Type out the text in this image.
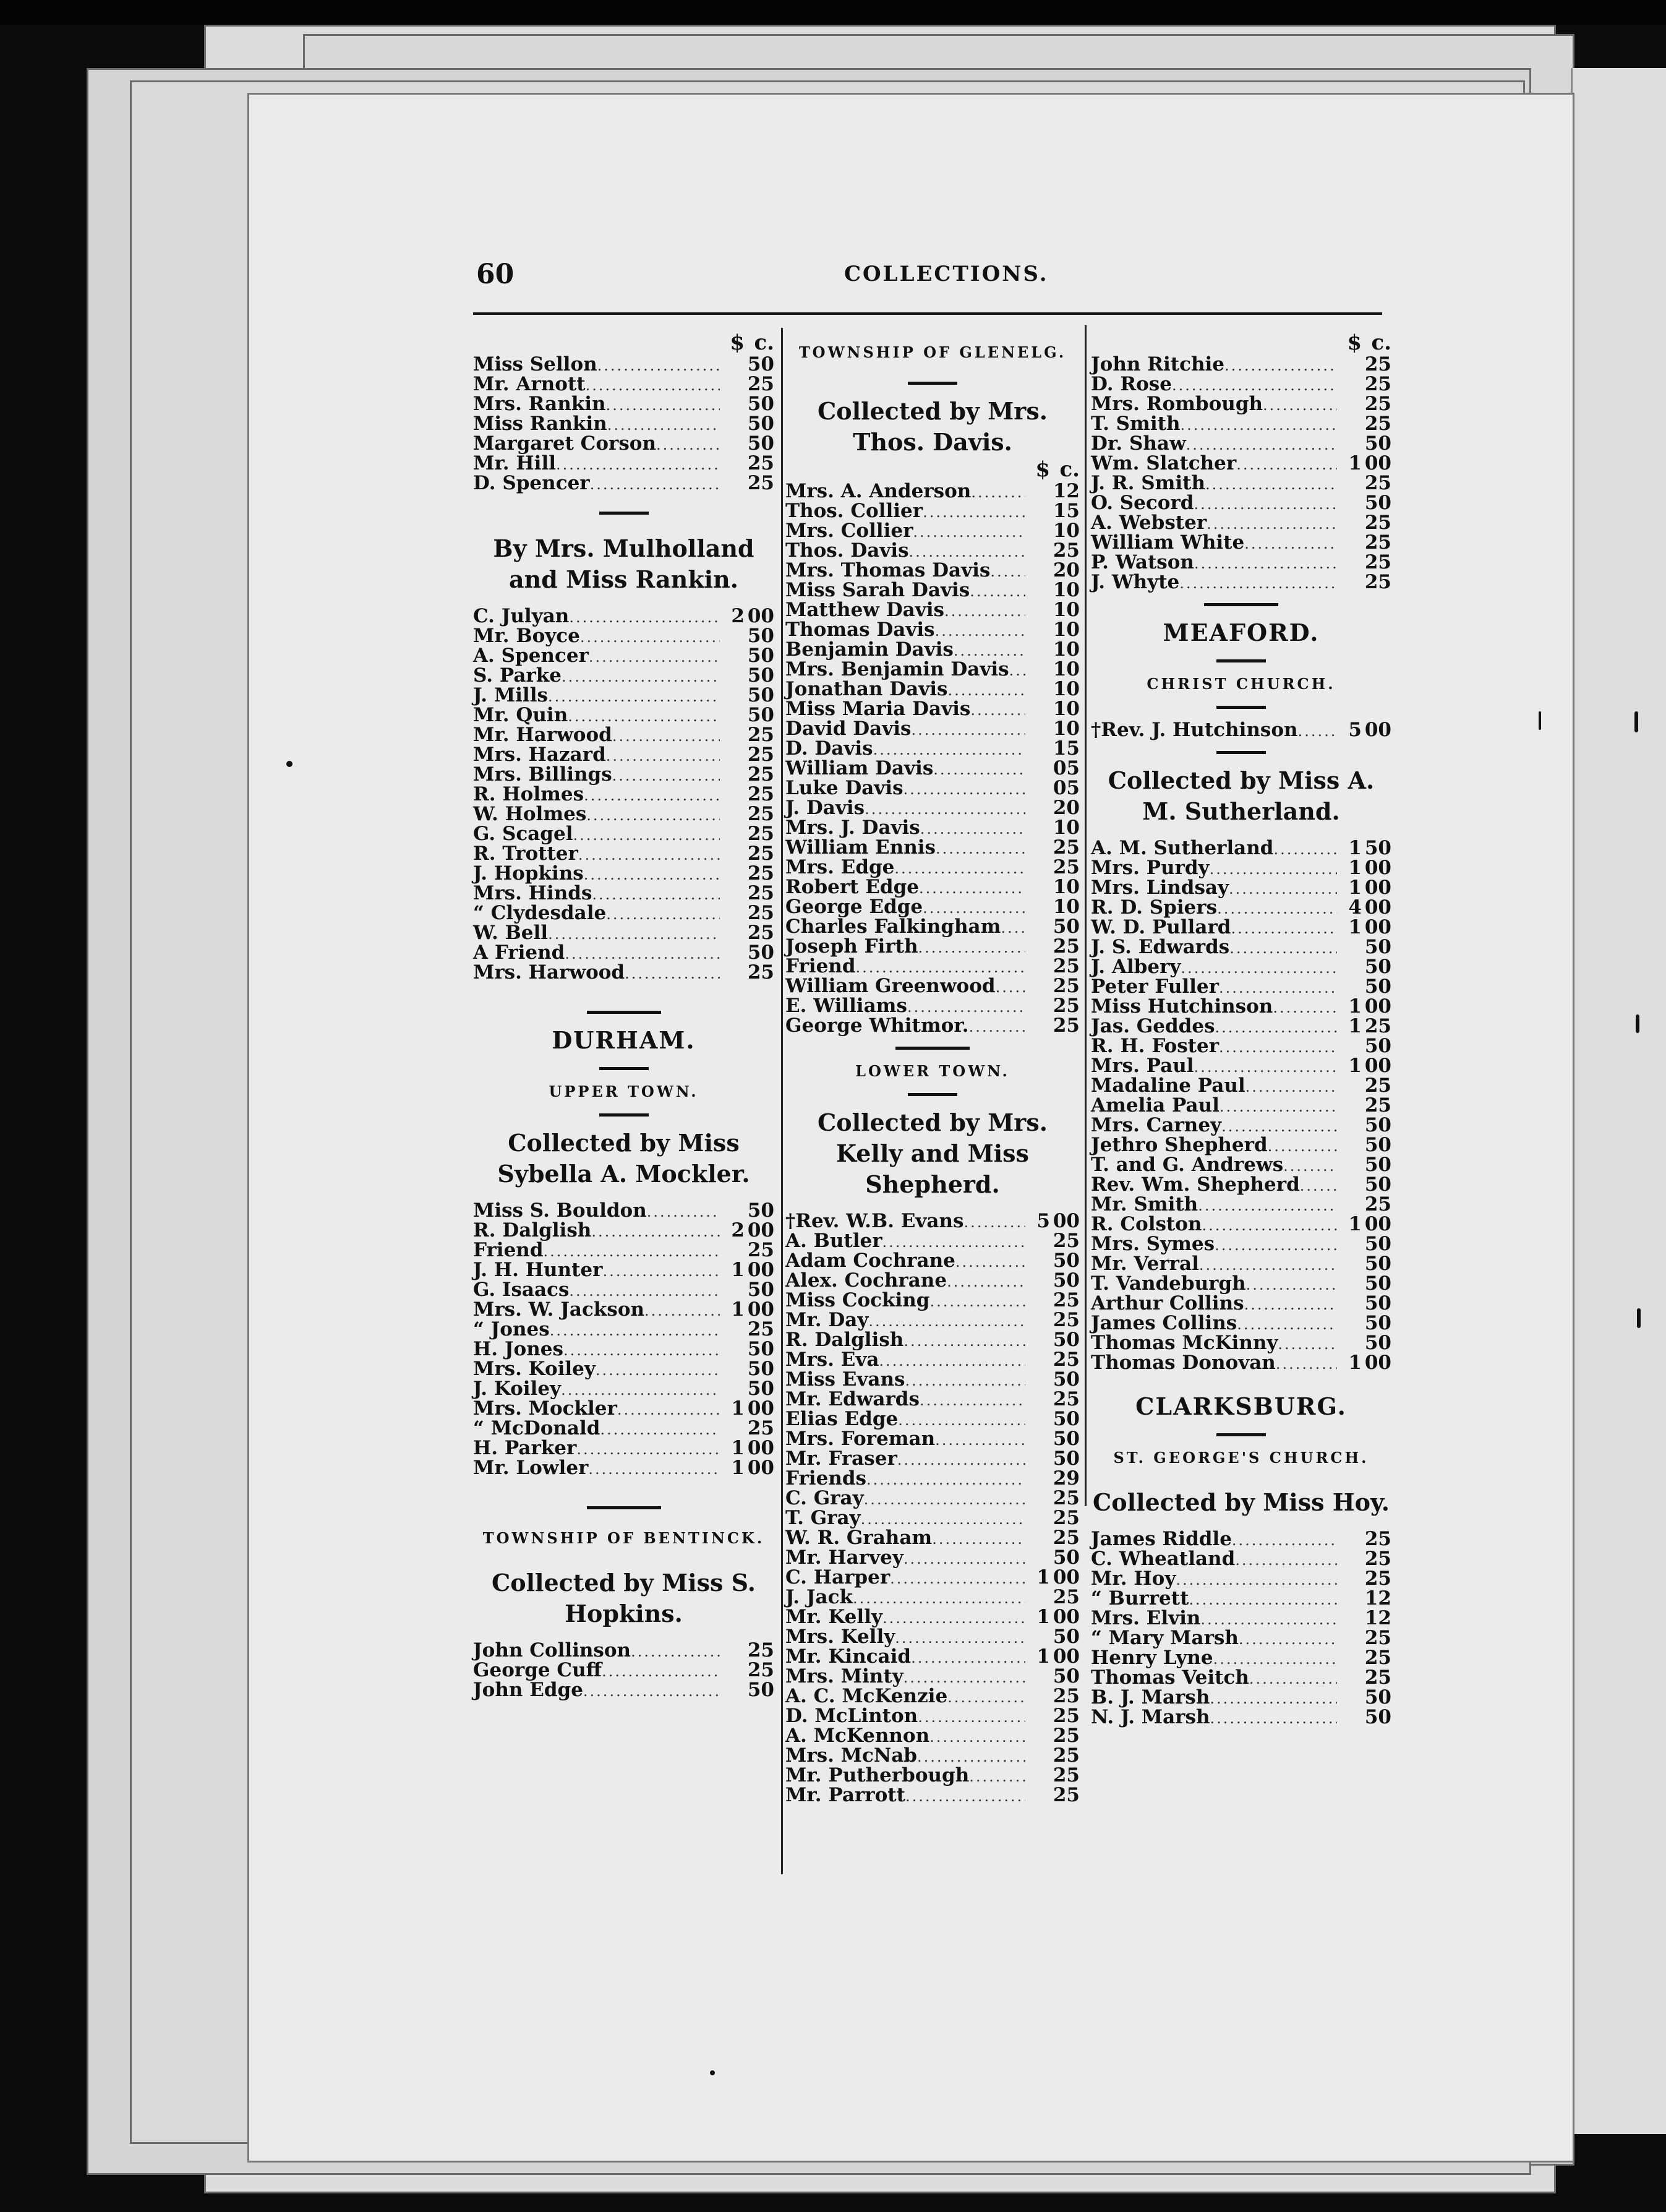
60	COLLECTIONS.
$ c.
Miss Sellon .....	50
Mr. Arnott .....	25
Mrs. Rankin .....	50
Miss Rankin .....	50
Margaret Corson .....	50
Mr. Hill .....	25
D. Spencer .....	25
By Mrs. Mulholland and Miss Rankin.
C. Julyan .....	2 00
Mr. Boyce .....	50
A. Spencer .....	50
S. Parke .....	50
J. Mills .....	50
Mr. Quin .....	50
Mr. Harwood .....	25
Mrs. Hazard .....	25
Mrs. Billings .....	25
R. Holmes .....	25
W. Holmes .....	25
G. Scagel .....	25
R. Trotter .....	25
J. Hopkins .....	25
Mrs. Hinds .....	25
“ Clydesdale .....	25
W. Bell .....	25
A Friend .....	50
Mrs. Harwood .....	25
DURHAM.
UPPER TOWN.
Collected by Miss Sybella A. Mockler.
Miss S. Bouldon .....	50
R. Dalglish .....	2 00
Friend .....	25
J. H. Hunter .....	1 00
G. Isaacs .....	50
Mrs. W. Jackson .....	1 00
“ Jones .....	25
H. Jones .....	50
Mrs. Koiley .....	50
J. Koiley .....	50
Mrs. Mockler .....	1 00
“ McDonald .....	25
H. Parker .....	1 00
Mr. Lowler .....	1 00
TOWNSHIP OF BENTINCK.
Collected by Miss S. Hopkins.
John Collinson .....	25
George Cuff .....	25
John Edge .....	50
TOWNSHIP OF GLENELG.
Collected by Mrs. Thos. Davis.
$ c.
Mrs. A. Anderson .....	12
Thos. Collier .....	15
Mrs. Collier .....	10
Thos. Davis .....	25
Mrs. Thomas Davis .....	20
Miss Sarah Davis .....	10
Matthew Davis .....	10
Thomas Davis .....	10
Benjamin Davis .....	10
Mrs. Benjamin Davis ..... 10
Jonathan Davis .....	10
Miss Maria Davis .....	10
David Davis .....	10
D. Davis .....	15
William Davis .....	05
Luke Davis .....	05
J. Davis .....	20
Mrs. J. Davis .....	10
William Ennis .....	25
Mrs. Edge .....	25
Robert Edge .....	10
George Edge .....	10
Charles Falkingham .....	50
Joseph Firth .....	25
Friend .....	25
William Greenwood .....	25
E. Williams .....	25
George Whitmor. .....	25
LOWER TOWN.
Collected by Mrs. Kelly and Miss Shepherd.
†Rev. W.B. Evans .....	5 00
A. Butler .....	25
Adam Cochrane .....	50
Alex. Cochrane .....	50
Miss Cocking .....	25
Mr. Day .....	25
R. Dalglish .....	50
Mrs. Eva .....	25
Miss Evans .....	50
Mr. Edwards .....	25
Elias Edge .....	50
Mrs. Foreman .....	50
Mr. Fraser .....	50
Friends .....	29
C. Gray .....	25
T. Gray .....	25
W. R. Graham .....	25
Mr. Harvey .....	50
C. Harper .....	1 00
J. Jack .....	25
Mr. Kelly .....	1 00
Mrs. Kelly .....	50
Mr. Kincaid .....	1 00
Mrs. Minty .....	50
A. C. McKenzie .....	25
D. McLinton .....	25
A. McKennon .....	25
Mrs. McNab .....	25
Mr. Putherbough .....	25
Mr. Parrott .....	25
$ c.
John Ritchie .....	25
D. Rose .....	25
Mrs. Rombough .....	25
T. Smith .....	25
Dr. Shaw .....	50
Wm. Slatcher .....	1 00
J. R. Smith .....	25
O. Secord .....	50
A. Webster .....	25
William White .....	25
P. Watson .....	25
J. Whyte .....	25
MEAFORD.
CHRIST CHURCH.
†Rev. J. Hutchinson .....	5 00
Collected by Miss A. M. Sutherland.
A. M. Sutherland .....	1 50
Mrs. Purdy .....	1 00
Mrs. Lindsay .....	1 00
R. D. Spiers .....	4 00
W. D. Pullard .....	1 00
J. S. Edwards .....	50
J. Albery .....	50
Peter Fuller .....	50
Miss Hutchinson .....	1 00
Jas. Geddes .....	1 25
R. H. Foster .....	50
Mrs. Paul .....	1 00
Madaline Paul .....	25
Amelia Paul .....	25
Mrs. Carney .....	50
Jethro Shepherd .....	50
T. and G. Andrews .....	50
Rev. Wm. Shepherd .....	50
Mr. Smith .....	25
R. Colston .....	1 00
Mrs. Symes .....	50
Mr. Verral .....	50
T. Vandeburgh .....	50
Arthur Collins .....	50
James Collins .....	50
Thomas McKinny .....	50
Thomas Donovan .....	1 00
CLARKSBURG.
ST. GEORGE'S CHURCH.
Collected by Miss Hoy.
James Riddle .....	25
C. Wheatland .....	25
Mr. Hoy .....	25
“ Burrett .....	12
Mrs. Elvin .....	12
“ Mary Marsh .....	25
Henry Lyne .....	25
Thomas Veitch .....	25
B. J. Marsh .....	50
N. J. Marsh .....	50
